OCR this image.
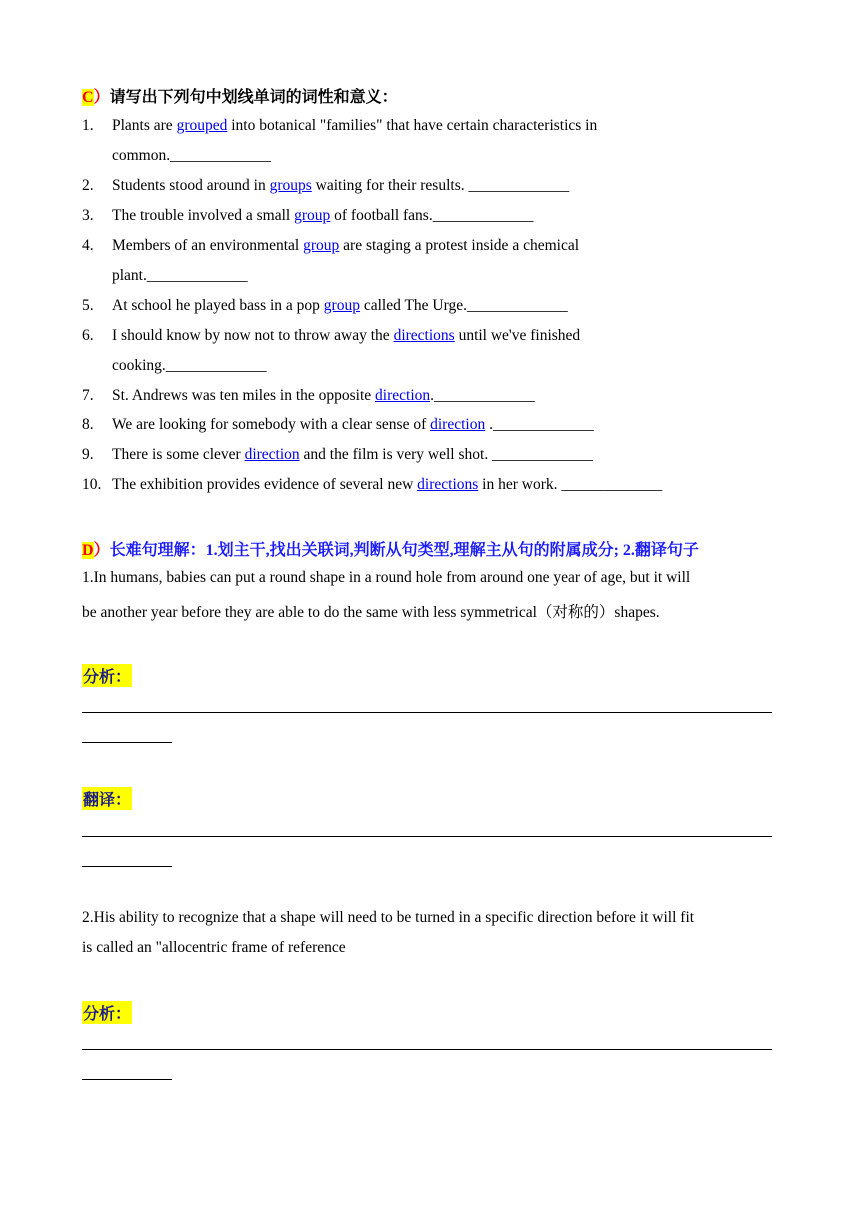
C）请写出下列句中划线单词的词性和意义：
1.	Plants are grouped into botanical "families" that have certain characteristics in
common._____________
2.	Students stood around in groups waiting for their results. _____________
3.	The trouble involved a small group of football fans._____________
4.	Members of an environmental group are staging a protest inside a chemical
plant._____________
5.	At school he played bass in a pop group called The Urge._____________
6.	I should know by now not to throw away the directions until we've finished
cooking._____________
7.	St. Andrews was ten miles in the opposite direction._____________
8.	We are looking for somebody with a clear sense of direction ._____________
9.	There is some clever direction and the film is very well shot. _____________
10. The exhibition provides evidence of several new directions in her work. _____________
D）长难句理解：1.划主干,找出关联词,判断从句类型,理解主从句的附属成分; 2.翻译句子
1.In humans, babies can put a round shape in a round hole from around one year of age, but it will
be another year before they are able to do the same with less symmetrical（对称的）shapes.
分析：
翻译：
2.His ability to recognize that a shape will need to be turned in a specific direction before it will fit
is called an "allocentric frame of reference
分析：
